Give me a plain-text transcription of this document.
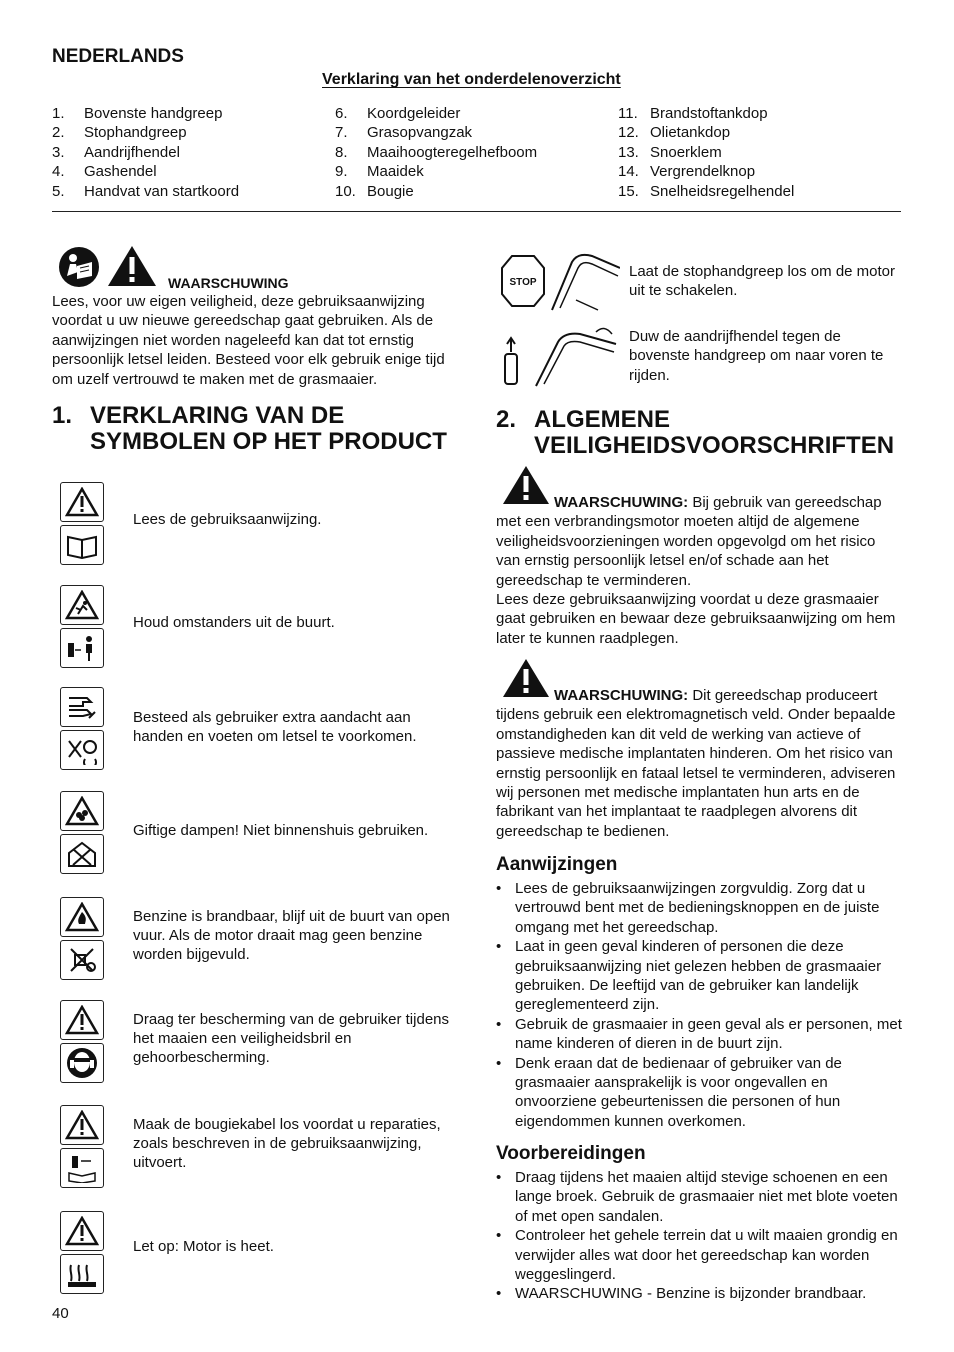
NEDERLANDS
Verklaring van het onderdelenoverzicht
1.	Bovenste handgreep
2.	Stophandgreep
3.	Aandrijfhendel
4.	Gashendel
5.	Handvat van startkoord
6.	Koordgeleider
7.	Grasopvangzak
8.	Maaihoogteregelhefboom
9.	Maaidek
10. Bougie
11. Brandstoftankdop
12. Olietankdop
13. Snoerklem
14. Vergrendelknop
15. Snelheidsregelhendel
WAARSCHUWING
Lees, voor uw eigen veiligheid, deze gebruiksaanwijzing voordat u uw nieuwe gereedschap gaat gebruiken. Als de aanwijzingen niet worden nageleefd kan dat tot ernstig persoonlijk letsel leiden. Besteed voor elk gebruik enige tijd om uzelf vertrouwd te maken met de grasmaaier.
1. VERKLARING VAN DE
SYMBOLEN OP HET PRODUCT
Lees de gebruiksaanwijzing.
Houd omstanders uit de buurt.
Besteed als gebruiker extra aandacht aan handen en voeten om letsel te voorkomen.
Giftige dampen! Niet binnenshuis gebruiken.
Benzine is brandbaar, blijf uit de buurt van open vuur. Als de motor draait mag geen benzine worden bijgevuld.
Draag ter bescherming van de gebruiker tijdens het maaien een veiligheidsbril en gehoorbescherming.
Maak de bougiekabel los voordat u reparaties, zoals beschreven in de gebruiksaanwijzing, uitvoert.
Let op: Motor is heet.
STOP
Laat de stophandgreep los om de motor uit te schakelen.
Duw de aandrijfhendel tegen de bovenste handgreep om naar voren te rijden.
2. ALGEMENE
VEILIGHEIDSVOORSCHRIFTEN
WAARSCHUWING: Bij gebruik van gereedschap met een verbrandingsmotor moeten altijd de algemene veiligheidsvoorzieningen worden opgevolgd om het risico van ernstig persoonlijk letsel en/of schade aan het gereedschap te verminderen.
Lees deze gebruiksaanwijzing voordat u deze grasmaaier gaat gebruiken en bewaar deze gebruiksaanwijzing om hem later te kunnen raadplegen.
WAARSCHUWING: Dit gereedschap produceert tijdens gebruik een elektromagnetisch veld. Onder bepaalde omstandigheden kan dit veld de werking van actieve of passieve medische implantaten hinderen. Om het risico van ernstig persoonlijk en fataal letsel te verminderen, adviseren wij personen met medische implantaten hun arts en de fabrikant van het implantaat te raadplegen alvorens dit gereedschap te bedienen.
Aanwijzingen
• Lees de gebruiksaanwijzingen zorgvuldig. Zorg dat u vertrouwd bent met de bedieningsknoppen en de juiste omgang met het gereedschap.
• Laat in geen geval kinderen of personen die deze gebruiksaanwijzing niet gelezen hebben de grasmaaier gebruiken. De leeftijd van de gebruiker kan landelijk gereglementeerd zijn.
• Gebruik de grasmaaier in geen geval als er personen, met name kinderen of dieren in de buurt zijn.
• Denk eraan dat de bedienaar of gebruiker van de grasmaaier aansprakelijk is voor ongevallen en onvoorziene gebeurtenissen die personen of hun eigendommen kunnen overkomen.
Voorbereidingen
• Draag tijdens het maaien altijd stevige schoenen en een lange broek. Gebruik de grasmaaier niet met blote voeten of met open sandalen.
• Controleer het gehele terrein dat u wilt maaien grondig en verwijder alles wat door het gereedschap kan worden weggeslingerd.
• WAARSCHUWING - Benzine is bijzonder brandbaar.
40
